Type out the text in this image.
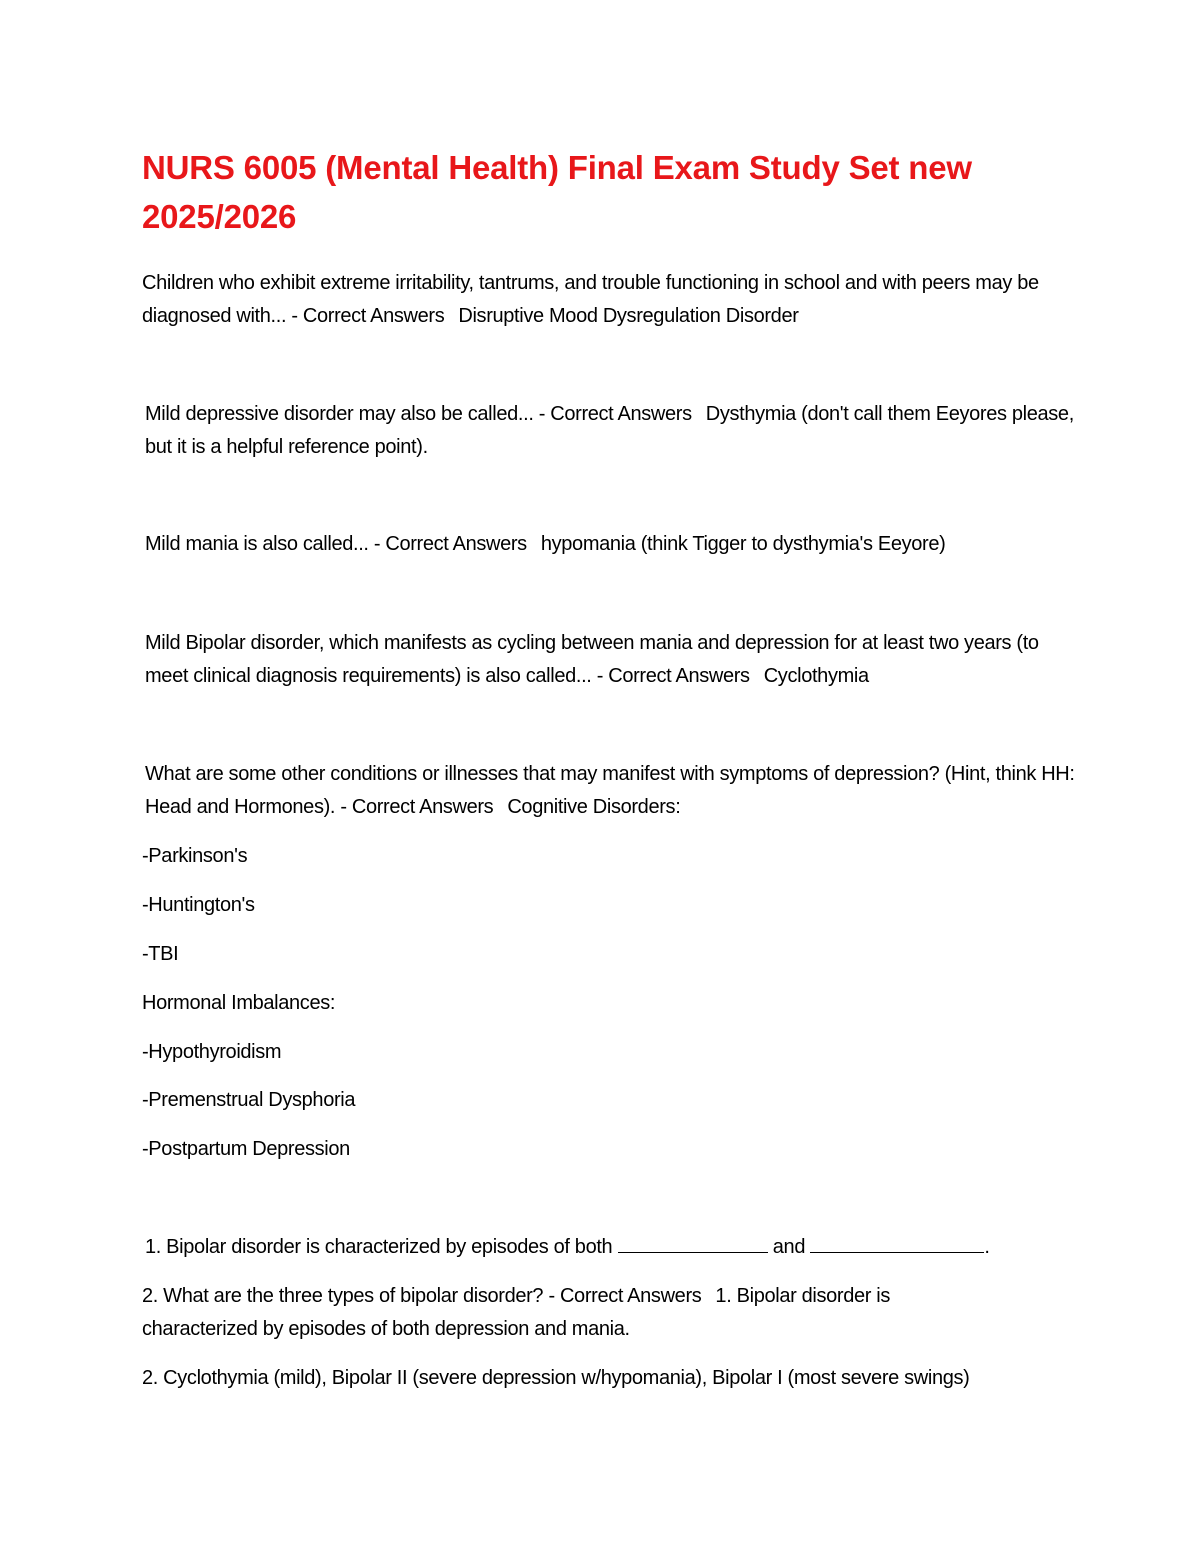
NURS 6005 (Mental Health) Final Exam Study Set new 2025/2026

Children who exhibit extreme irritability, tantrums, and trouble functioning in school and with peers may be diagnosed with... - Correct Answers Disruptive Mood Dysregulation Disorder

Mild depressive disorder may also be called... - Correct Answers Dysthymia (don't call them Eeyores please, but it is a helpful reference point).

Mild mania is also called... - Correct Answers hypomania (think Tigger to dysthymia's Eeyore)

Mild Bipolar disorder, which manifests as cycling between mania and depression for at least two years (to meet clinical diagnosis requirements) is also called... - Correct Answers Cyclothymia

What are some other conditions or illnesses that may manifest with symptoms of depression? (Hint, think HH: Head and Hormones). - Correct Answers Cognitive Disorders:

-Parkinson's

-Huntington's

-TBI

Hormonal Imbalances:

-Hypothyroidism

-Premenstrual Dysphoria

-Postpartum Depression

1. Bipolar disorder is characterized by episodes of both	and	.

2. What are the three types of bipolar disorder? - Correct Answers 1. Bipolar disorder is characterized by episodes of both depression and mania.

2. Cyclothymia (mild), Bipolar II (severe depression w/hypomania), Bipolar I (most severe swings)
